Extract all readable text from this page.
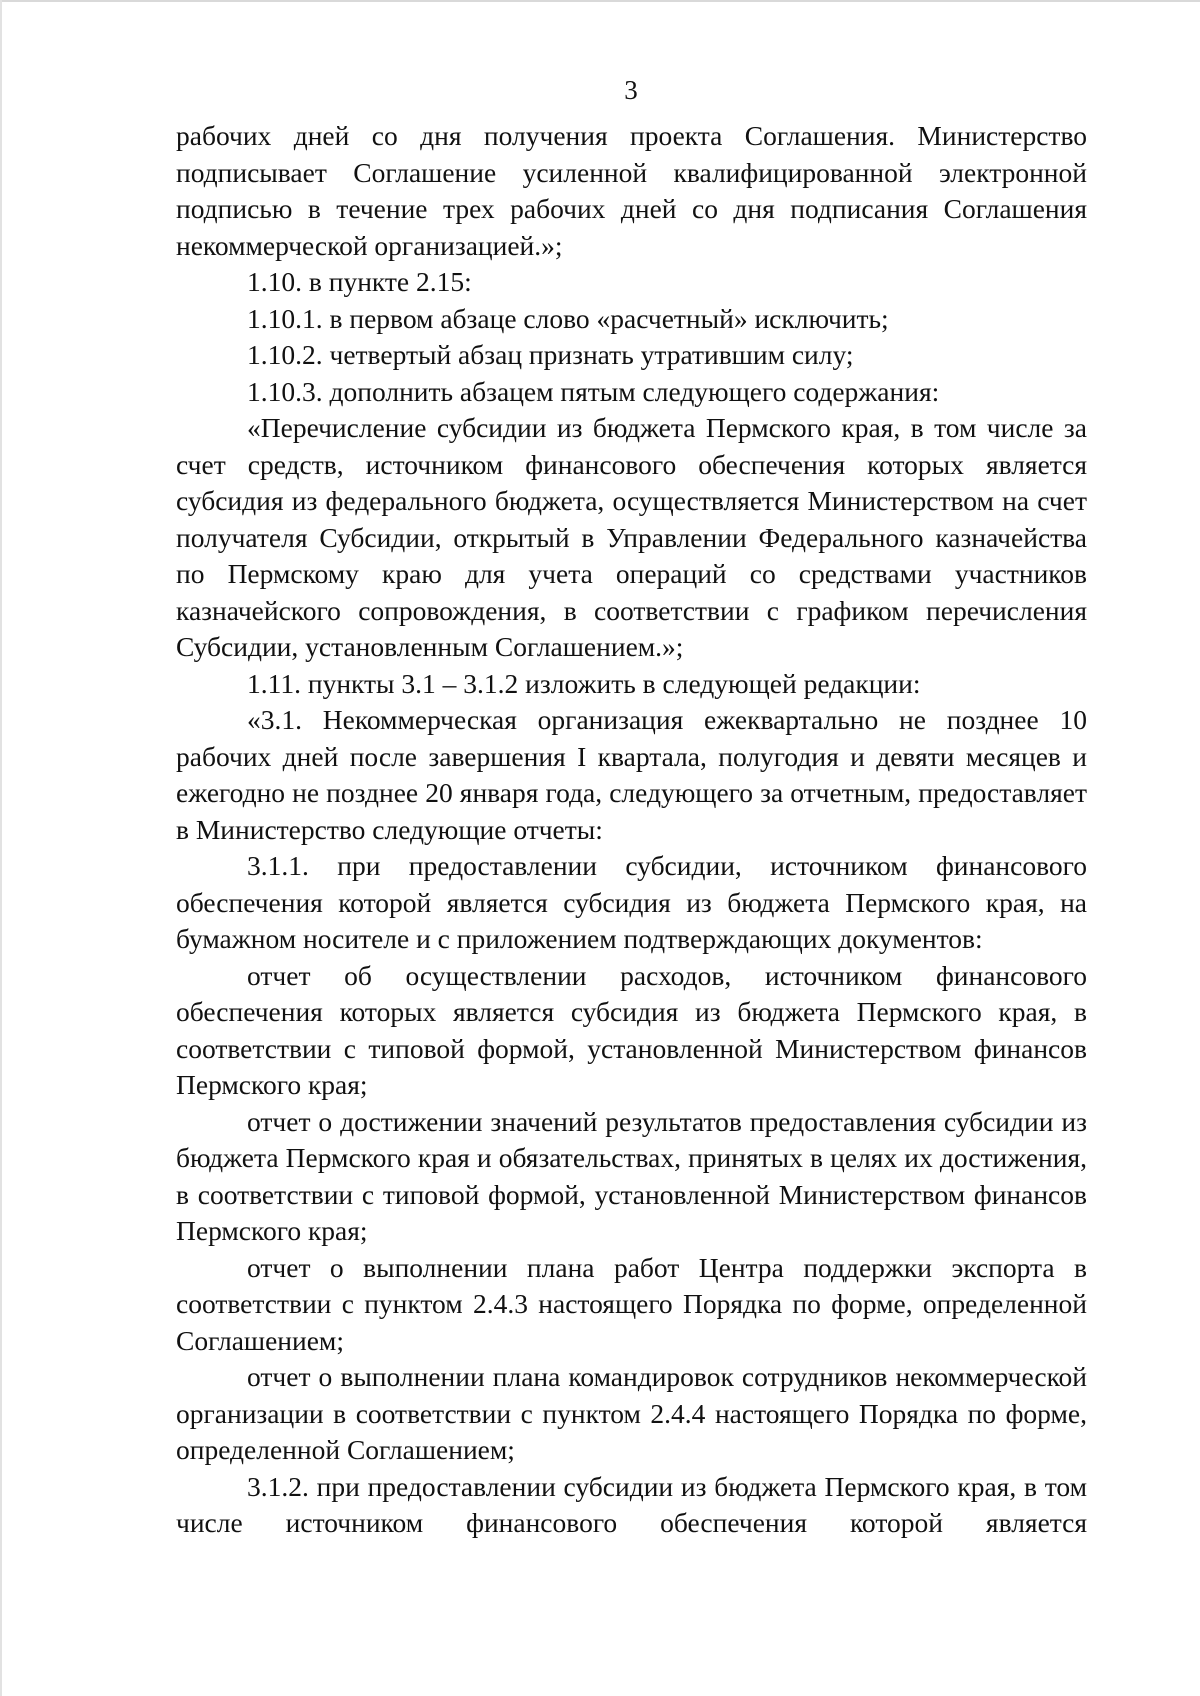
3

рабочих дней со дня получения проекта Соглашения. Министерство подписывает Соглашение усиленной квалифицированной электронной подписью в течение трех рабочих дней со дня подписания Соглашения некоммерческой организацией.»;

1.10. в пункте 2.15:

1.10.1. в первом абзаце слово «расчетный» исключить;

1.10.2. четвертый абзац признать утратившим силу;

1.10.3. дополнить абзацем пятым следующего содержания:

«Перечисление субсидии из бюджета Пермского края, в том числе за счет средств, источником финансового обеспечения которых является субсидия из федерального бюджета, осуществляется Министерством на счет получателя Субсидии, открытый в Управлении Федерального казначейства по Пермскому краю для учета операций со средствами участников казначейского сопровождения, в соответствии с графиком перечисления Субсидии, установленным Соглашением.»;

1.11. пункты 3.1 – 3.1.2 изложить в следующей редакции:

«3.1. Некоммерческая организация ежеквартально не позднее 10 рабочих дней после завершения I квартала, полугодия и девяти месяцев и ежегодно не позднее 20 января года, следующего за отчетным, предоставляет в Министерство следующие отчеты:

3.1.1. при предоставлении субсидии, источником финансового обеспечения которой является субсидия из бюджета Пермского края, на бумажном носителе и с приложением подтверждающих документов:

отчет об осуществлении расходов, источником финансового обеспечения которых является субсидия из бюджета Пермского края, в соответствии с типовой формой, установленной Министерством финансов Пермского края;

отчет о достижении значений результатов предоставления субсидии из бюджета Пермского края и обязательствах, принятых в целях их достижения, в соответствии с типовой формой, установленной Министерством финансов Пермского края;

отчет о выполнении плана работ Центра поддержки экспорта в соответствии с пунктом 2.4.3 настоящего Порядка по форме, определенной Соглашением;

отчет о выполнении плана командировок сотрудников некоммерческой организации в соответствии с пунктом 2.4.4 настоящего Порядка по форме, определенной Соглашением;

3.1.2. при предоставлении субсидии из бюджета Пермского края, в том числе источником финансового обеспечения которой является
